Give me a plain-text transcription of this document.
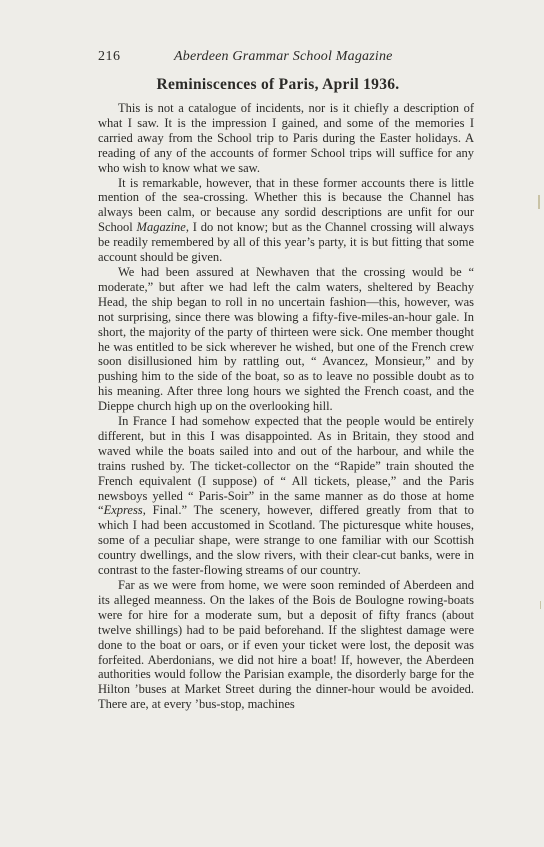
216	Aberdeen Grammar School Magazine
Reminiscences of Paris, April 1936.

This is not a catalogue of incidents, nor is it chiefly a description of what I saw. It is the impression I gained, and some of the memories I carried away from the School trip to Paris during the Easter holidays. A reading of any of the accounts of former School trips will suffice for any who wish to know what we saw.

It is remarkable, however, that in these former accounts there is little mention of the sea-crossing. Whether this is because the Channel has always been calm, or because any sordid descriptions are unfit for our School Magazine, I do not know; but as the Channel crossing will always be readily remembered by all of this year’s party, it is but fitting that some account should be given.

We had been assured at Newhaven that the crossing would be “ moderate,” but after we had left the calm waters, sheltered by Beachy Head, the ship began to roll in no uncertain fashion—this, however, was not surprising, since there was blowing a fifty-five-miles-an-hour gale. In short, the majority of the party of thirteen were sick. One member thought he was entitled to be sick wherever he wished, but one of the French crew soon disillusioned him by rattling out, “ Avancez, Monsieur,” and by pushing him to the side of the boat, so as to leave no possible doubt as to his meaning. After three long hours we sighted the French coast, and the Dieppe church high up on the overlooking hill.

In France I had somehow expected that the people would be entirely different, but in this I was disappointed. As in Britain, they stood and waved while the boats sailed into and out of the harbour, and while the trains rushed by. The ticket-collector on the “Rapide” train shouted the French equivalent (I suppose) of “ All tickets, please,” and the Paris newsboys yelled “ Paris-Soir” in the same manner as do those at home “Express, Final.” The scenery, however, differed greatly from that to which I had been accustomed in Scotland. The picturesque white houses, some of a peculiar shape, were strange to one familiar with our Scottish country dwellings, and the slow rivers, with their clear-cut banks, were in contrast to the faster-flowing streams of our country.

Far as we were from home, we were soon reminded of Aberdeen and its alleged meanness. On the lakes of the Bois de Boulogne rowing-boats were for hire for a moderate sum, but a deposit of fifty francs (about twelve shillings) had to be paid beforehand. If the slightest damage were done to the boat or oars, or if even your ticket were lost, the deposit was forfeited. Aberdonians, we did not hire a boat! If, however, the Aberdeen authorities would follow the Parisian example, the disorderly barge for the Hilton ’buses at Market Street during the dinner-hour would be avoided. There are, at every ’bus-stop, machines
